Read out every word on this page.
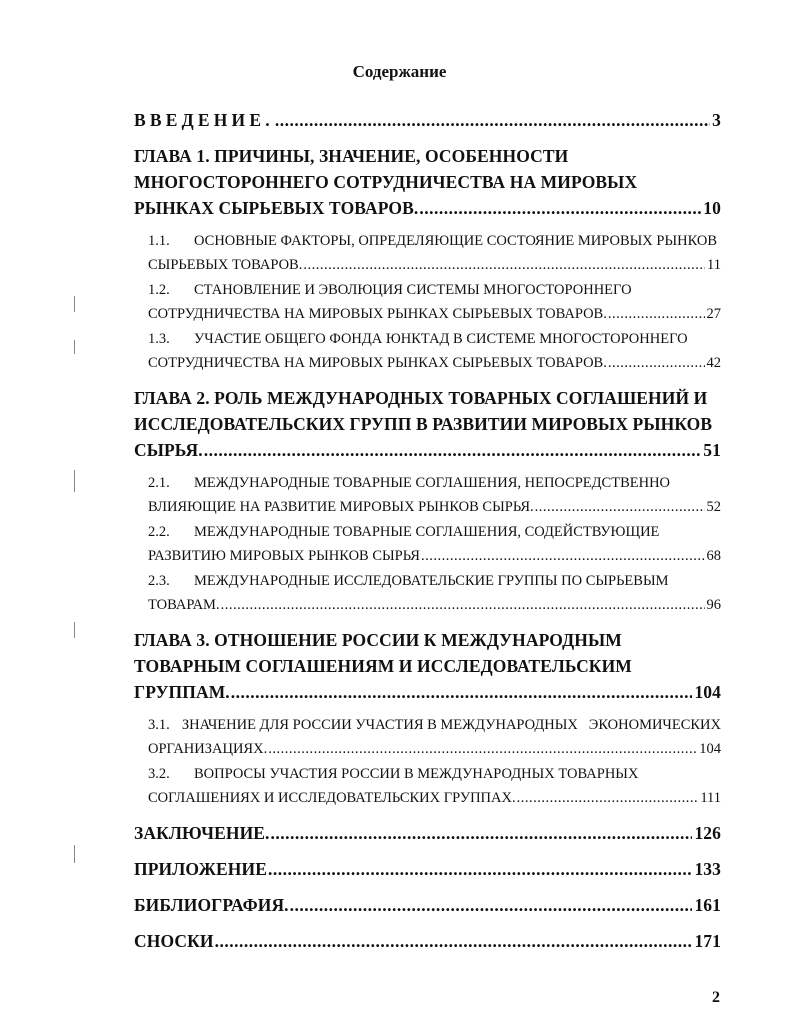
Содержание
ВВЕДЕНИЕ. .....	3
ГЛАВА 1. ПРИЧИНЫ, ЗНАЧЕНИЕ, ОСОБЕННОСТИ
МНОГОСТОРОННЕГО СОТРУДНИЧЕСТВА НА МИРОВЫХ
РЫНКАХ СЫРЬЕВЫХ ТОВАРОВ. .....	10
1.1.	ОСНОВНЫЕ ФАКТОРЫ, ОПРЕДЕЛЯЮЩИЕ СОСТОЯНИЕ МИРОВЫХ РЫНКОВ
СЫРЬЕВЫХ ТОВАРОВ. .....	11
1.2.	СТАНОВЛЕНИЕ И ЭВОЛЮЦИЯ СИСТЕМЫ МНОГОСТОРОННЕГО
СОТРУДНИЧЕСТВА НА МИРОВЫХ РЫНКАХ СЫРЬЕВЫХ ТОВАРОВ. .....	27
1.3.	УЧАСТИЕ ОБЩЕГО ФОНДА ЮНКТАД В СИСТЕМЕ МНОГОСТОРОННЕГО
СОТРУДНИЧЕСТВА НА МИРОВЫХ РЫНКАХ СЫРЬЕВЫХ ТОВАРОВ. .....	42
ГЛАВА 2. РОЛЬ МЕЖДУНАРОДНЫХ ТОВАРНЫХ СОГЛАШЕНИЙ И
ИССЛЕДОВАТЕЛЬСКИХ ГРУПП В РАЗВИТИИ МИРОВЫХ РЫНКОВ
СЫРЬЯ. .....	51
2.1.	МЕЖДУНАРОДНЫЕ ТОВАРНЫЕ СОГЛАШЕНИЯ, НЕПОСРЕДСТВЕННО
ВЛИЯЮЩИЕ НА РАЗВИТИЕ МИРОВЫХ РЫНКОВ СЫРЬЯ. .....	52
2.2.	МЕЖДУНАРОДНЫЕ ТОВАРНЫЕ СОГЛАШЕНИЯ, СОДЕЙСТВУЮЩИЕ
РАЗВИТИЮ МИРОВЫХ РЫНКОВ СЫРЬЯ .....	68
2.3.	МЕЖДУНАРОДНЫЕ ИССЛЕДОВАТЕЛЬСКИЕ ГРУППЫ ПО СЫРЬЕВЫМ
ТОВАРАМ. .....	96
ГЛАВА 3. ОТНОШЕНИЕ РОССИИ К МЕЖДУНАРОДНЫМ
ТОВАРНЫМ СОГЛАШЕНИЯМ И ИССЛЕДОВАТЕЛЬСКИМ
ГРУППАМ. .....	104
3.1. ЗНАЧЕНИЕ ДЛЯ РОССИИ УЧАСТИЯ В МЕЖДУНАРОДНЫХ   ЭКОНОМИЧЕСКИХ
ОРГАНИЗАЦИЯХ. .....	104
3.2.	ВОПРОСЫ УЧАСТИЯ РОССИИ В МЕЖДУНАРОДНЫХ ТОВАРНЫХ
СОГЛАШЕНИЯХ И ИССЛЕДОВАТЕЛЬСКИХ ГРУППАХ. .....	111
ЗАКЛЮЧЕНИЕ. .....	126
ПРИЛОЖЕНИЕ .....	133
БИБЛИОГРАФИЯ. .....	161
СНОСКИ .....	171
2
